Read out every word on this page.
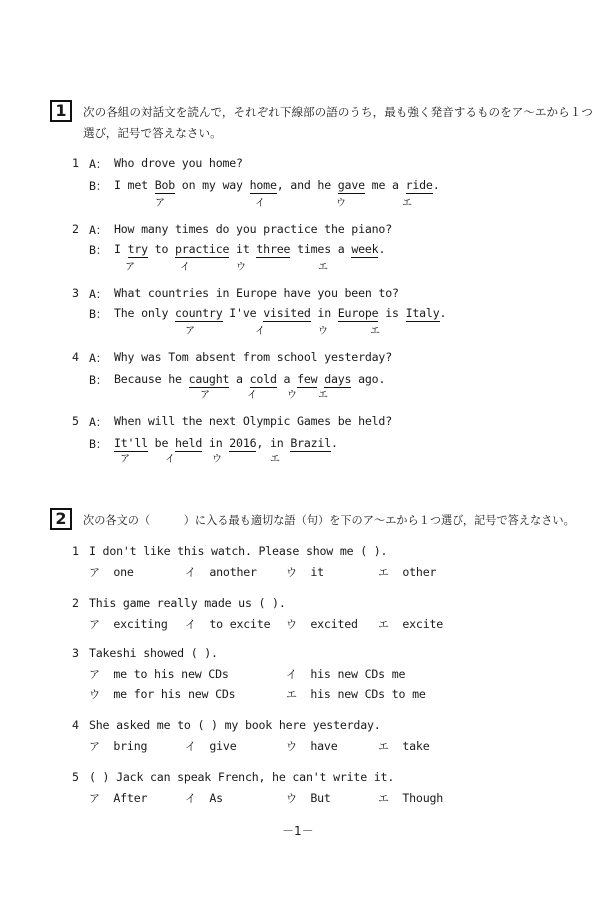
1	次の各組の対話文を読んで，それぞれ下線部の語のうち，最も強く発音するものをア～エから１つ
選び，記号で答えなさい。
1 A： Who drove you home?
B： I met Bob on my way home, and he gave me a ride.
ア	イ	ウ	エ
2 A： How many times do you practice the piano?
B： I try to practice it three times a week.
ア	イ	ウ	エ
3 A： What countries in Europe have you been to?
B： The only country I've visited in Europe is Italy.
ア	イ	ウ	エ
4 A： Why was Tom absent from school yesterday?
B： Because he caught a cold a few days ago.
ア	イ	ウ エ
5 A： When will the next Olympic Games be held?
B： It'll be held in 2016, in Brazil.
ア	イ	ウ	エ
2	次の各文の（　　　）に入る最も適切な語（句）を下のア～エから１つ選び，記号で答えなさい。
1 I don't like this watch. Please show me ( ).
ア one	イ another	ウ it	エ other
2 This game really made us ( ).
ア exciting イ to excite ウ excited エ excite
3 Takeshi showed ( ).
ア me to his new CDs	イ his new CDs me
ウ me for his new CDs	エ his new CDs to me
4 She asked me to ( ) my book here yesterday.
ア bring	イ give	ウ have	エ take
5 ( ) Jack can speak French, he can't write it.
ア After	イ As	ウ But	エ Though
－1－
